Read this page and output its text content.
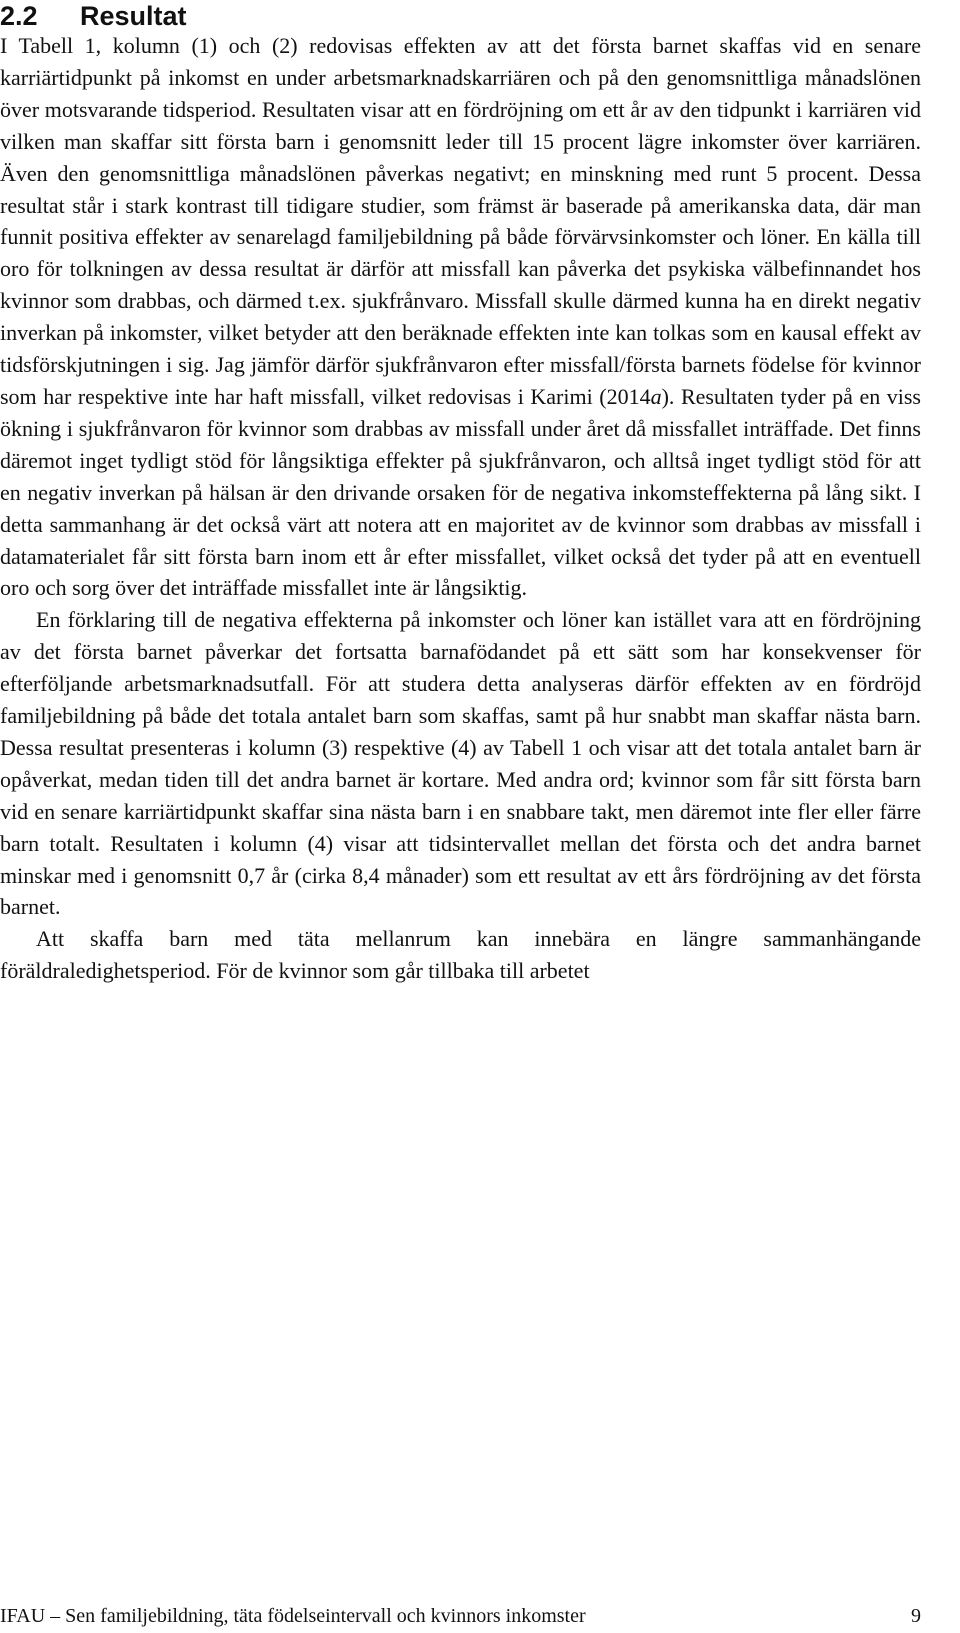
2.2 Resultat

I Tabell 1, kolumn (1) och (2) redovisas effekten av att det första barnet skaffas vid en senare karriärtidpunkt på inkomst en under arbetsmarknadskarriären och på den genomsnittliga månadslönen över motsvarande tidsperiod. Resultaten visar att en fördröjning om ett år av den tidpunkt i karriären vid vilken man skaffar sitt första barn i genomsnitt leder till 15 procent lägre inkomster över karriären. Även den genomsnittliga månadslönen påverkas negativt; en minskning med runt 5 procent. Dessa resultat står i stark kontrast till tidigare studier, som främst är baserade på amerikanska data, där man funnit positiva effekter av senarelagd familjebildning på både förvärvsinkomster och löner. En källa till oro för tolkningen av dessa resultat är därför att missfall kan påverka det psykiska välbefinnandet hos kvinnor som drabbas, och därmed t.ex. sjukfrånvaro. Missfall skulle därmed kunna ha en direkt negativ inverkan på inkomster, vilket betyder att den beräknade effekten inte kan tolkas som en kausal effekt av tidsförskjutningen i sig. Jag jämför därför sjukfrånvaron efter missfall/första barnets födelse för kvinnor som har respektive inte har haft missfall, vilket redovisas i Karimi (2014a). Resultaten tyder på en viss ökning i sjukfrånvaron för kvinnor som drabbas av missfall under året då missfallet inträffade. Det finns däremot inget tydligt stöd för långsiktiga effekter på sjukfrånvaron, och alltså inget tydligt stöd för att en negativ inverkan på hälsan är den drivande orsaken för de negativa inkomsteffekterna på lång sikt. I detta sammanhang är det också värt att notera att en majoritet av de kvinnor som drabbas av missfall i datamaterialet får sitt första barn inom ett år efter missfallet, vilket också det tyder på att en eventuell oro och sorg över det inträffade missfallet inte är långsiktig.

En förklaring till de negativa effekterna på inkomster och löner kan istället vara att en fördröjning av det första barnet påverkar det fortsatta barnafödandet på ett sätt som har konsekvenser för efterföljande arbetsmarknadsutfall. För att studera detta analyseras därför effekten av en fördröjd familjebildning på både det totala antalet barn som skaffas, samt på hur snabbt man skaffar nästa barn. Dessa resultat presenteras i kolumn (3) respektive (4) av Tabell 1 och visar att det totala antalet barn är opåverkat, medan tiden till det andra barnet är kortare. Med andra ord; kvinnor som får sitt första barn vid en senare karriärtidpunkt skaffar sina nästa barn i en snabbare takt, men däremot inte fler eller färre barn totalt. Resultaten i kolumn (4) visar att tidsintervallet mellan det första och det andra barnet minskar med i genomsnitt 0,7 år (cirka 8,4 månader) som ett resultat av ett års fördröjning av det första barnet.

Att skaffa barn med täta mellanrum kan innebära en längre sammanhängande föräldraledighetsperiod. För de kvinnor som går tillbaka till arbetet

IFAU – Sen familjebildning, täta födelseintervall och kvinnors inkomster	9
